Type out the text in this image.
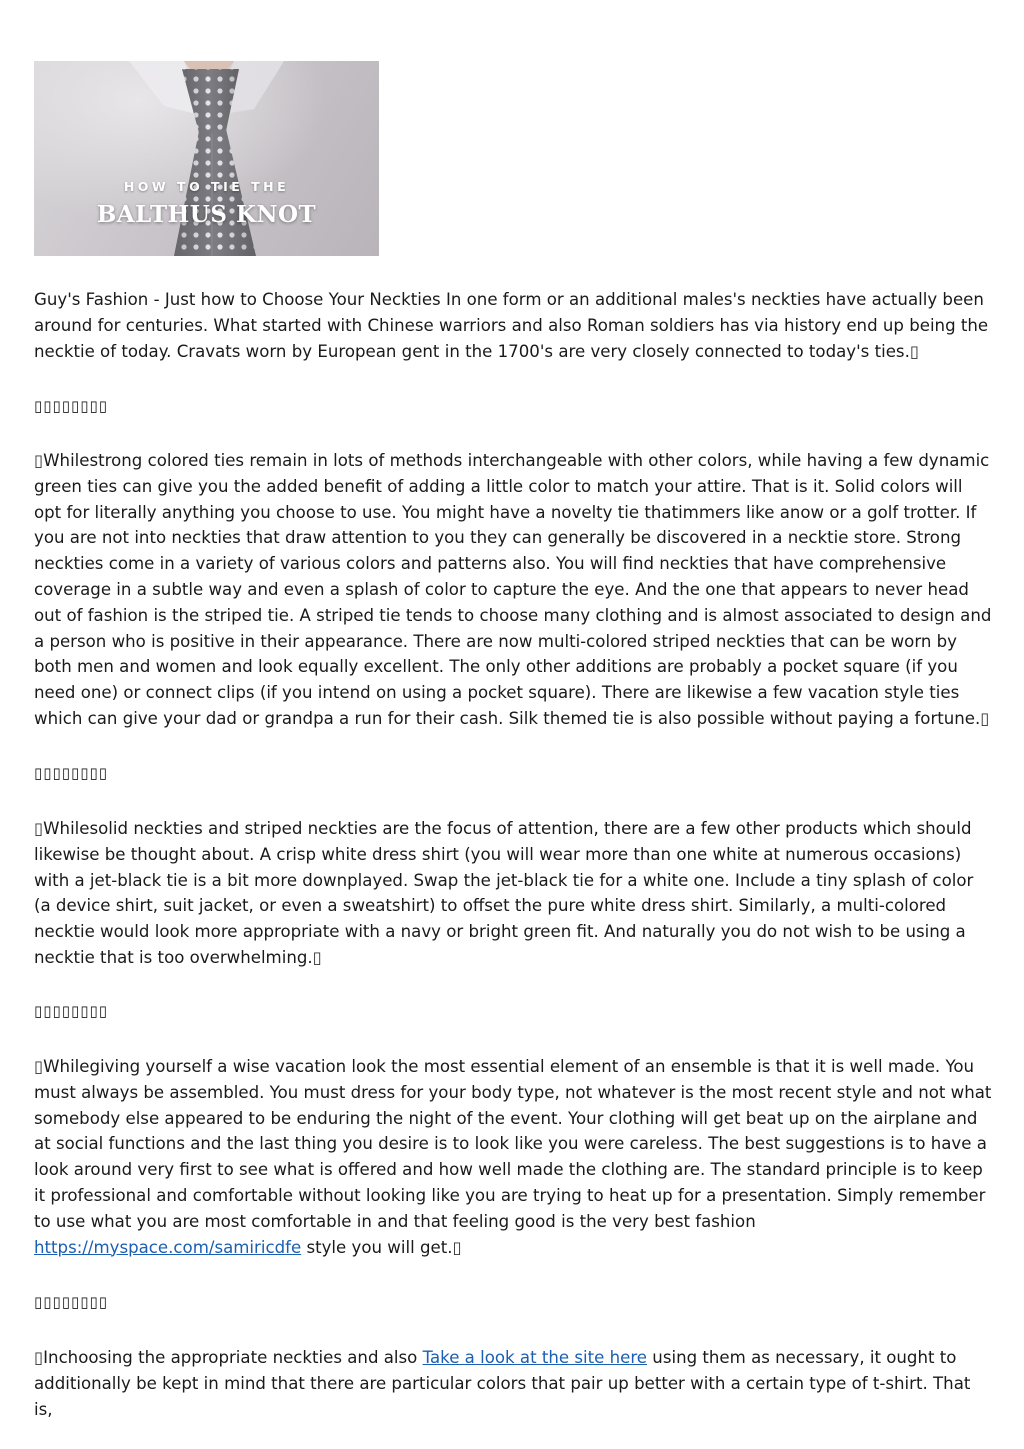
HOW TO TIE THE
BALTHUS KNOT

Guy's Fashion - Just how to Choose Your Neckties In one form or an additional males's neckties have actually been around for centuries. What started with Chinese warriors and also Roman soldiers has via history end up being the necktie of today. Cravats worn by European gent in the 1700's are very closely connected to today's ties.▯

▯▯▯▯▯▯▯▯

▯Whilestrong colored ties remain in lots of methods interchangeable with other colors, while having a few dynamic green ties can give you the added benefit of adding a little color to match your attire. That is it. Solid colors will opt for literally anything you choose to use. You might have a novelty tie thatimmers like anow or a golf trotter. If you are not into neckties that draw attention to you they can generally be discovered in a necktie store. Strong neckties come in a variety of various colors and patterns also. You will find neckties that have comprehensive coverage in a subtle way and even a splash of color to capture the eye. And the one that appears to never head out of fashion is the striped tie. A striped tie tends to choose many clothing and is almost associated to design and a person who is positive in their appearance. There are now multi-colored striped neckties that can be worn by both men and women and look equally excellent. The only other additions are probably a pocket square (if you need one) or connect clips (if you intend on using a pocket square). There are likewise a few vacation style ties which can give your dad or grandpa a run for their cash. Silk themed tie is also possible without paying a fortune.▯

▯▯▯▯▯▯▯▯

▯Whilesolid neckties and striped neckties are the focus of attention, there are a few other products which should likewise be thought about. A crisp white dress shirt (you will wear more than one white at numerous occasions) with a jet-black tie is a bit more downplayed. Swap the jet-black tie for a white one. Include a tiny splash of color (a device shirt, suit jacket, or even a sweatshirt) to offset the pure white dress shirt. Similarly, a multi-colored necktie would look more appropriate with a navy or bright green fit. And naturally you do not wish to be using a necktie that is too overwhelming.▯

▯▯▯▯▯▯▯▯

▯Whilegiving yourself a wise vacation look the most essential element of an ensemble is that it is well made. You must always be assembled. You must dress for your body type, not whatever is the most recent style and not what somebody else appeared to be enduring the night of the event. Your clothing will get beat up on the airplane and at social functions and the last thing you desire is to look like you were careless. The best suggestions is to have a look around very first to see what is offered and how well made the clothing are. The standard principle is to keep it professional and comfortable without looking like you are trying to heat up for a presentation. Simply remember to use what you are most comfortable in and that feeling good is the very best fashion https://myspace.com/samiricdfe style you will get.▯

▯▯▯▯▯▯▯▯

▯Inchoosing the appropriate neckties and also Take a look at the site here using them as necessary, it ought to additionally be kept in mind that there are particular colors that pair up better with a certain type of t-shirt. That is,
